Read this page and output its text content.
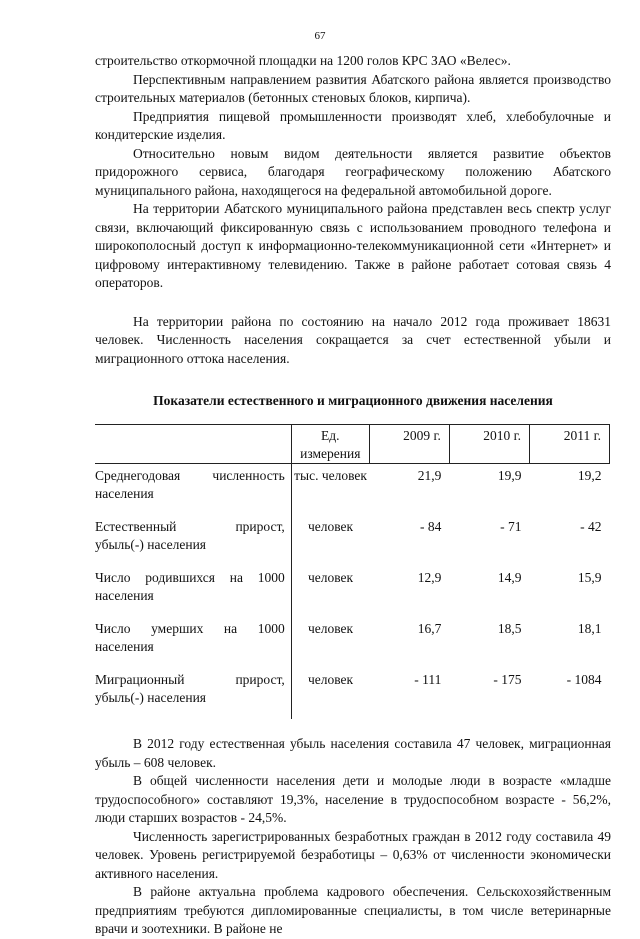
67

строительство откормочной площадки на 1200 голов КРС ЗАО «Велес».

Перспективным направлением развития Абатского района является производство строительных материалов (бетонных стеновых блоков, кирпича).

Предприятия пищевой промышленности производят хлеб, хлебобулочные и кондитерские изделия.

Относительно новым видом деятельности является развитие объектов придорожного сервиса, благодаря географическому положению Абатского муниципального района, находящегося на федеральной автомобильной дороге.

На территории Абатского муниципального района представлен весь спектр услуг связи, включающий фиксированную связь с использованием проводного телефона и широкополосный доступ к информационно-телекоммуникационной сети «Интернет» и цифровому интерактивному телевидению. Также в районе работает сотовая связь 4 операторов.

На территории района по состоянию на начало 2012 года проживает 18631 человек. Численность населения сокращается за счет естественной убыли и миграционного оттока населения.

Показатели естественного и миграционного движения населения
	Ед. измерения	2009 г.	2010 г.	2011 г.
Среднегодовая численность
населения	тыс. человек	21,9	19,9	19,2
Естественный прирост,
убыль(-) населения	человек	- 84	- 71	- 42
Число родившихся на 1000
населения	человек	12,9	14,9	15,9
Число умерших на 1000
населения	человек	16,7	18,5	18,1
Миграционный прирост,
убыль(-) населения	человек	- 111	- 175	- 1084

В 2012 году естественная убыль населения составила 47 человек, миграционная убыль – 608 человек.

В общей численности населения дети и молодые люди в возрасте «младше трудоспособного» составляют 19,3%, население в трудоспособном возрасте - 56,2%, люди старших возрастов - 24,5%.

Численность зарегистрированных безработных граждан в 2012 году составила 49 человек. Уровень регистрируемой безработицы – 0,63% от численности экономически активного населения.

В районе актуальна проблема кадрового обеспечения. Сельскохозяйственным предприятиям требуются дипломированные специалисты, в том числе ветеринарные врачи и зоотехники. В районе не
